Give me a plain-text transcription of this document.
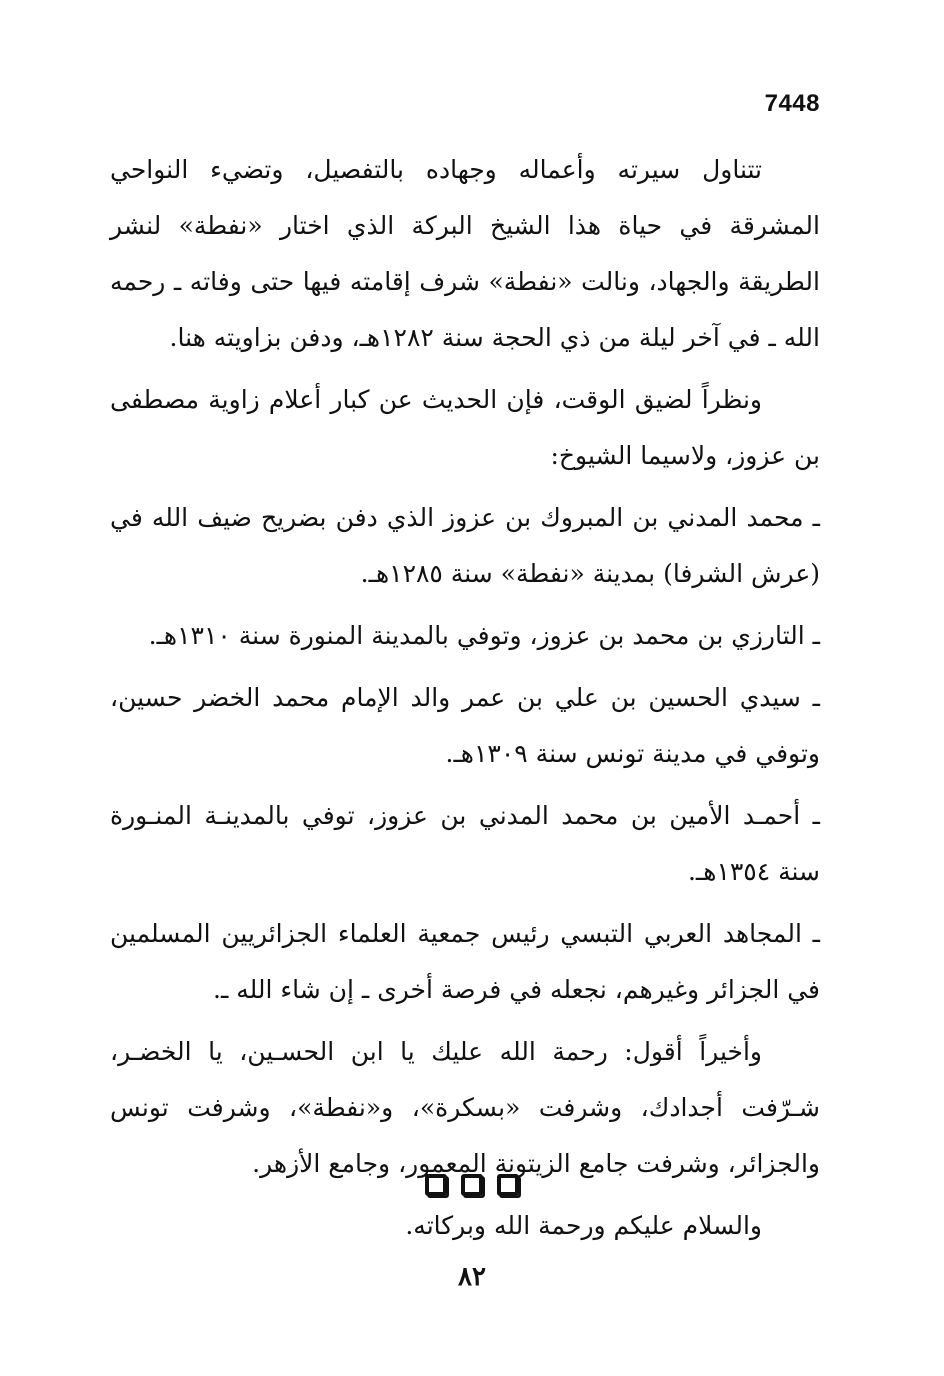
7448

تتناول سيرته وأعماله وجهاده بالتفصيل، وتضيء النواحي المشرقة في حياة هذا الشيخ البركة الذي اختار «نفطة» لنشر الطريقة والجهاد، ونالت «نفطة» شرف إقامته فيها حتى وفاته ـ رحمه الله ـ في آخر ليلة من ذي الحجة سنة ١٢٨٢هـ، ودفن بزاويته هنا.

ونظراً لضيق الوقت، فإن الحديث عن كبار أعلام زاوية مصطفى بن عزوز، ولاسيما الشيوخ:

ـ محمد المدني بن المبروك بن عزوز الذي دفن بضريح ضيف الله في (عرش الشرفا) بمدينة «نفطة» سنة ١٢٨٥هـ.

ـ التارزي بن محمد بن عزوز، وتوفي بالمدينة المنورة سنة ١٣١٠هـ.

ـ سيدي الحسين بن علي بن عمر والد الإمام محمد الخضر حسين، وتوفي في مدينة تونس سنة ١٣٠٩هـ.

ـ أحمـد الأمين بن محمد المدني بن عزوز، توفي بالمدينـة المنـورة سنة ١٣٥٤هـ.

ـ المجاهد العربي التبسي رئيس جمعية العلماء الجزائريين المسلمين في الجزائر وغيرهم، نجعله في فرصة أخرى ـ إن شاء الله ـ.

وأخيراً أقول: رحمة الله عليك يا ابن الحسـين، يا الخضـر، شـرّفت أجدادك، وشرفت «بسكرة»، و«نفطة»، وشرفت تونس والجزائر، وشرفت جامع الزيتونة المعمور، وجامع الأزهر.

والسلام عليكم ورحمة الله وبركاته.

٨٢
